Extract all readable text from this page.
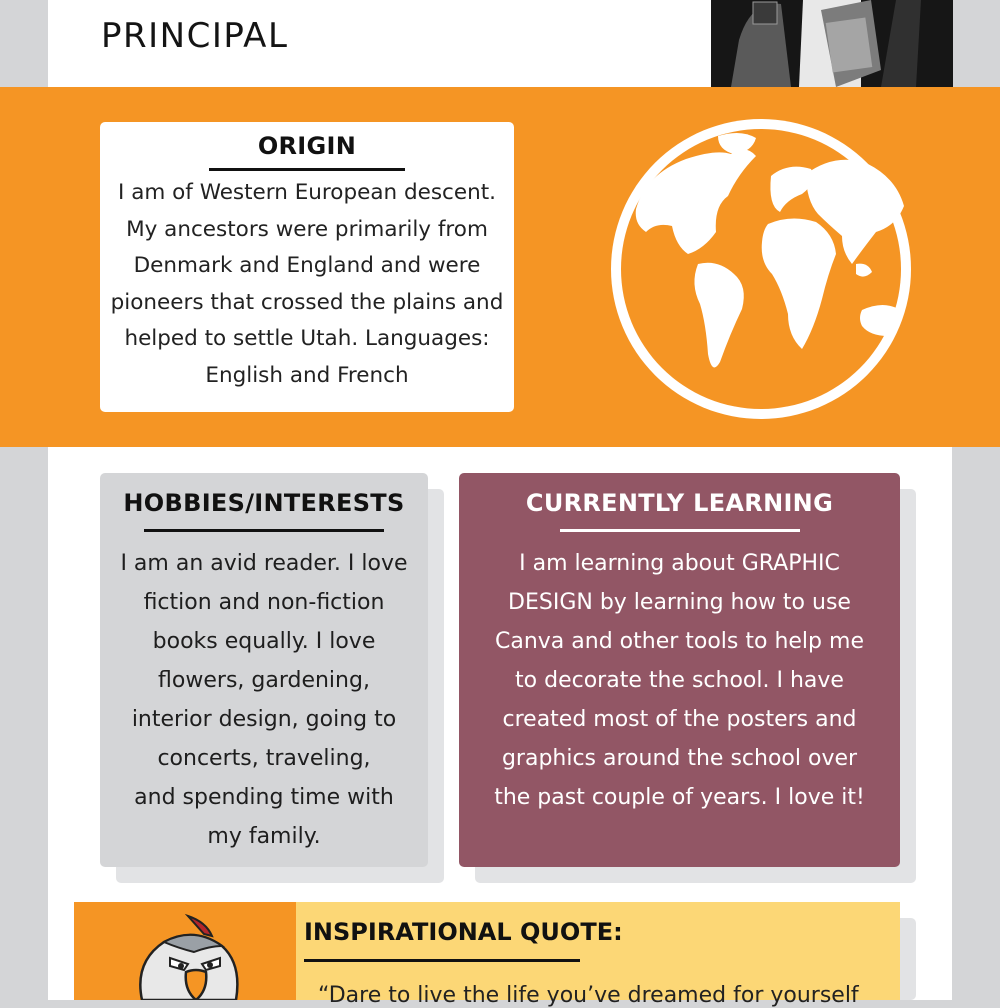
PRINCIPAL
ORIGIN
I am of Western European descent.
My ancestors were primarily from
Denmark and England and were
pioneers that crossed the plains and
helped to settle Utah. Languages:
English and French
HOBBIES/INTERESTS
I am an avid reader. I love
fiction and non-fiction
books equally. I love
flowers, gardening,
interior design, going to
concerts, traveling,
and spending time with
my family.
CURRENTLY LEARNING
I am learning about GRAPHIC
DESIGN by learning how to use
Canva and other tools to help me
to decorate the school. I have
created most of the posters and
graphics around the school over
the past couple of years. I love it!
INSPIRATIONAL QUOTE:
“Dare to live the life you’ve dreamed for yourself
